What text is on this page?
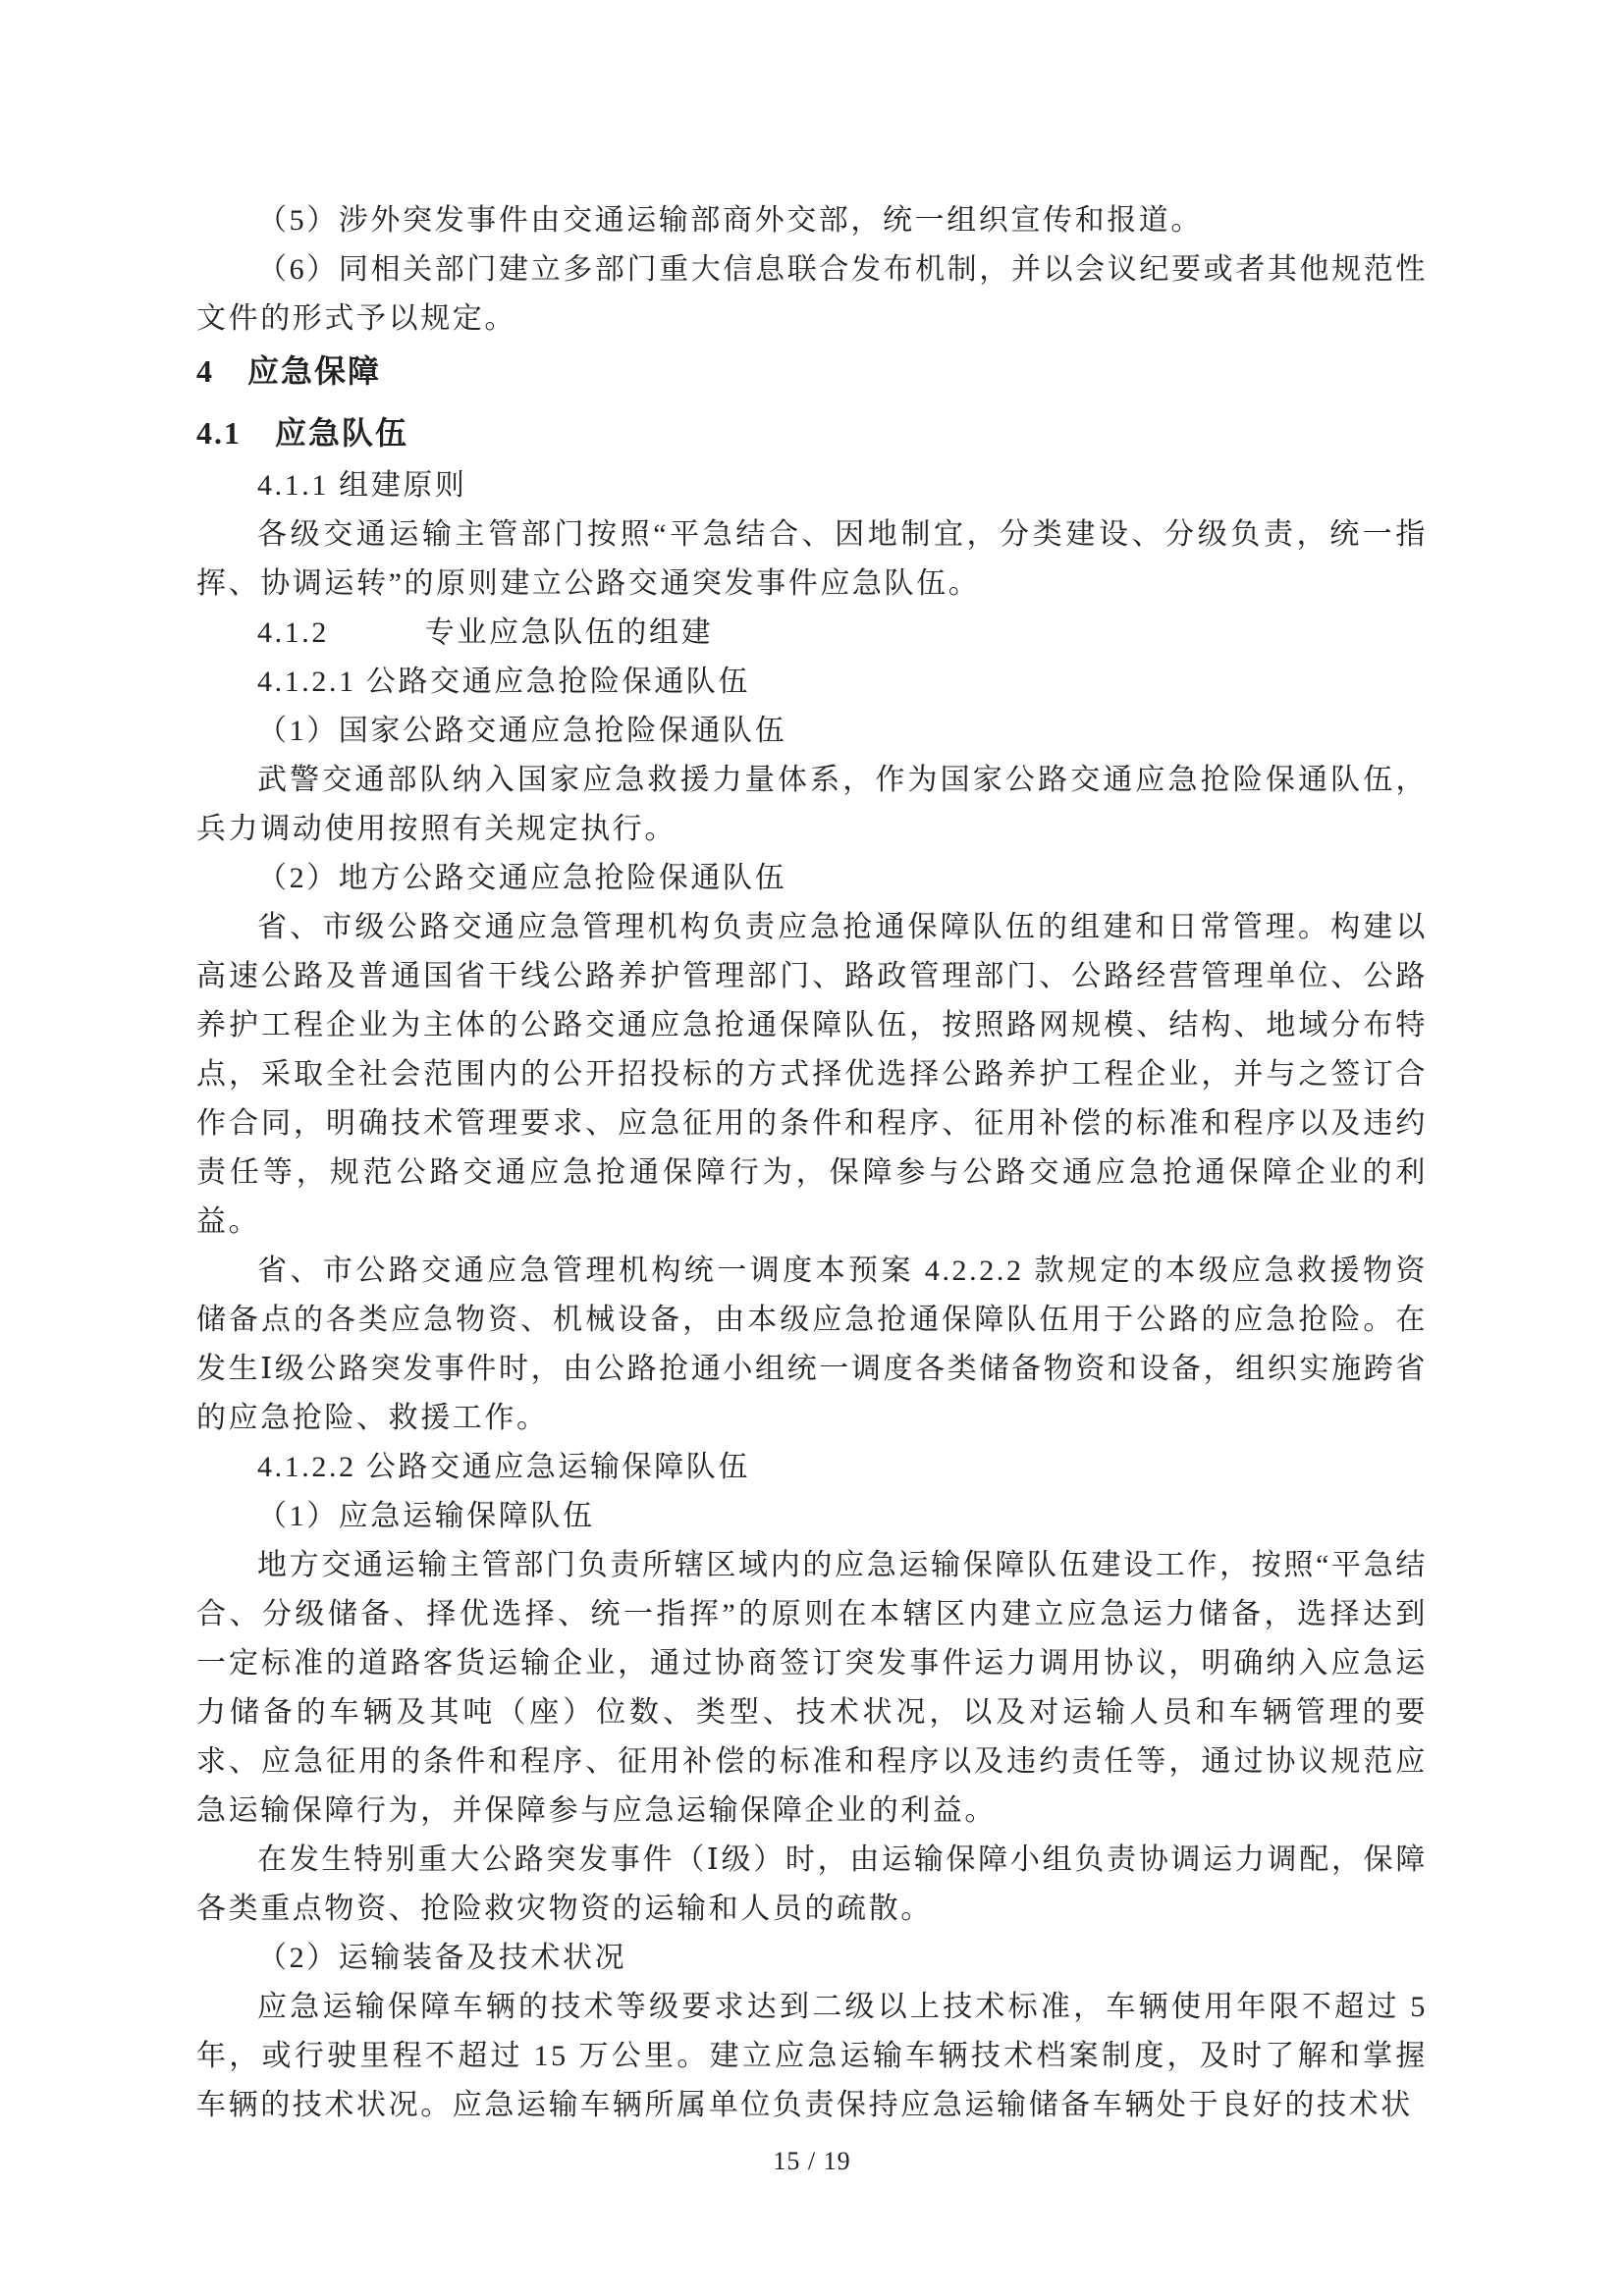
（5）涉外突发事件由交通运输部商外交部，统一组织宣传和报道。

（6）同相关部门建立多部门重大信息联合发布机制，并以会议纪要或者其他规范性文件的形式予以规定。

4　应急保障
4.1　应急队伍

4.1.1 组建原则

各级交通运输主管部门按照“平急结合、因地制宜，分类建设、分级负责，统一指挥、协调运转”的原则建立公路交通突发事件应急队伍。

4.1.2　　　专业应急队伍的组建

4.1.2.1 公路交通应急抢险保通队伍

（1）国家公路交通应急抢险保通队伍

武警交通部队纳入国家应急救援力量体系，作为国家公路交通应急抢险保通队伍，兵力调动使用按照有关规定执行。

（2）地方公路交通应急抢险保通队伍

省、市级公路交通应急管理机构负责应急抢通保障队伍的组建和日常管理。构建以高速公路及普通国省干线公路养护管理部门、路政管理部门、公路经营管理单位、公路养护工程企业为主体的公路交通应急抢通保障队伍，按照路网规模、结构、地域分布特点，采取全社会范围内的公开招投标的方式择优选择公路养护工程企业，并与之签订合作合同，明确技术管理要求、应急征用的条件和程序、征用补偿的标准和程序以及违约责任等，规范公路交通应急抢通保障行为，保障参与公路交通应急抢通保障企业的利益。

省、市公路交通应急管理机构统一调度本预案 4.2.2.2 款规定的本级应急救援物资储备点的各类应急物资、机械设备，由本级应急抢通保障队伍用于公路的应急抢险。在发生Ⅰ级公路突发事件时，由公路抢通小组统一调度各类储备物资和设备，组织实施跨省的应急抢险、救援工作。

4.1.2.2 公路交通应急运输保障队伍

（1）应急运输保障队伍

地方交通运输主管部门负责所辖区域内的应急运输保障队伍建设工作，按照“平急结合、分级储备、择优选择、统一指挥”的原则在本辖区内建立应急运力储备，选择达到一定标准的道路客货运输企业，通过协商签订突发事件运力调用协议，明确纳入应急运力储备的车辆及其吨（座）位数、类型、技术状况，以及对运输人员和车辆管理的要求、应急征用的条件和程序、征用补偿的标准和程序以及违约责任等，通过协议规范应急运输保障行为，并保障参与应急运输保障企业的利益。

在发生特别重大公路突发事件（Ⅰ级）时，由运输保障小组负责协调运力调配，保障各类重点物资、抢险救灾物资的运输和人员的疏散。

（2）运输装备及技术状况

应急运输保障车辆的技术等级要求达到二级以上技术标准，车辆使用年限不超过 5 年，或行驶里程不超过 15 万公里。建立应急运输车辆技术档案制度，及时了解和掌握车辆的技术状况。应急运输车辆所属单位负责保持应急运输储备车辆处于良好的技术状

15 / 19
